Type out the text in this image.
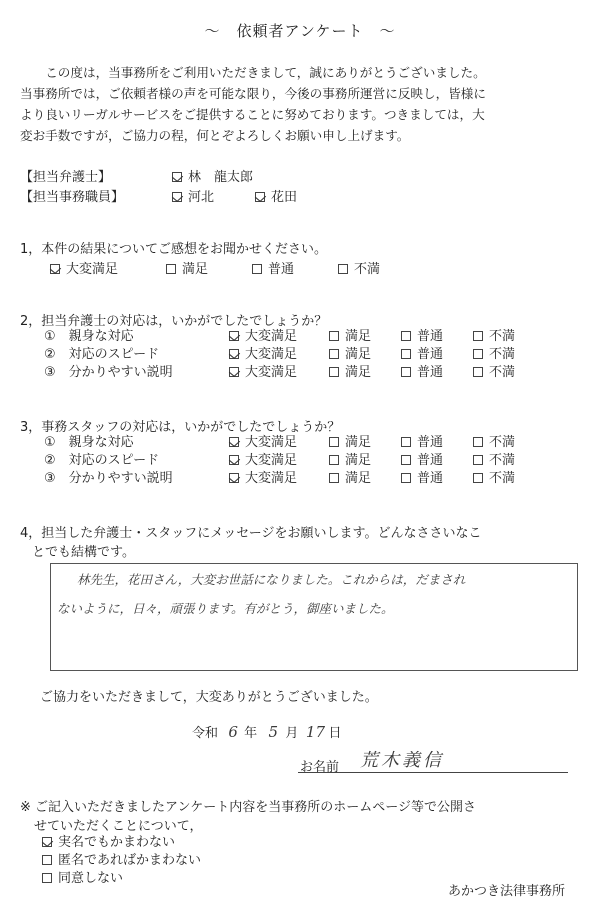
～　依頼者アンケート　～
この度は，当事務所をご利用いただきまして，誠にありがとうございました。
当事務所では，ご依頼者様の声を可能な限り，今後の事務所運営に反映し，皆様に
より良いリーガルサービスをご提供することに努めております。つきましては，大
変お手数ですが，ご協力の程，何とぞよろしくお願い申し上げます。
【担当弁護士】	林　龍太郎
【担当事務職員】	河北	花田
1，本件の結果についてご感想をお聞かせください。
大変満足	満足	普通	不満
2，担当弁護士の対応は，いかがでしたでしょうか？
①　親身な対応	大変満足	満足	普通	不満
②　対応のスピード	大変満足	満足	普通	不満
③　分かりやすい説明	大変満足	満足	普通	不満
3，事務スタッフの対応は，いかがでしたでしょうか？
①　親身な対応	大変満足	満足	普通	不満
②　対応のスピード	大変満足	満足	普通	不満
③　分かりやすい説明	大変満足	満足	普通	不満
4，担当した弁護士・スタッフにメッセージをお願いします。どんなささいなこ
とでも結構です。
林先生，花田さん，大変お世話になりました。これからは，だまされ
ないように，日々，頑張ります。有がとう，御座いました。
ご協力をいただきまして，大変ありがとうございました。
令和 6 年 5 月 17 日
お名前 荒木義信
※ ご記入いただきましたアンケート内容を当事務所のホームページ等で公開さ
せていただくことについて，
実名でもかまわない
匿名であればかまわない
同意しない
あかつき法律事務所
